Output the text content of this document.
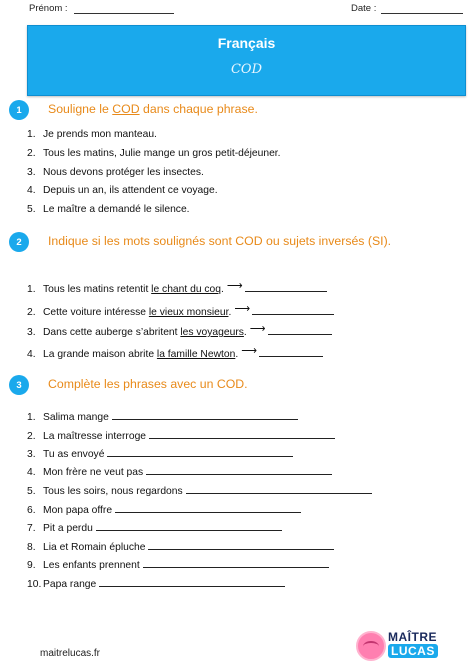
Prénom :	Date :
Français
COD
1	Souligne le COD dans chaque phrase.
1. Je prends mon manteau.
2. Tous les matins, Julie mange un gros petit-déjeuner.
3. Nous devons protéger les insectes.
4. Depuis un an, ils attendent ce voyage.
5. Le maître a demandé le silence.
2	Indique si les mots soulignés sont COD ou sujets inversés (SI).
1. Tous les matins retentit le chant du coq. ⟶
2. Cette voiture intéresse le vieux monsieur. ⟶
3. Dans cette auberge s’abritent les voyageurs. ⟶
4. La grande maison abrite la famille Newton. ⟶
3	Complète les phrases avec un COD.
1. Salima mange
2. La maîtresse interroge
3. Tu as envoyé
4. Mon frère ne veut pas
5. Tous les soirs, nous regardons
6. Mon papa offre
7. Pit a perdu
8. Lia et Romain épluche
9. Les enfants prennent
10. Papa range
maitrelucas.fr
MAÎTRE
LUCAS
